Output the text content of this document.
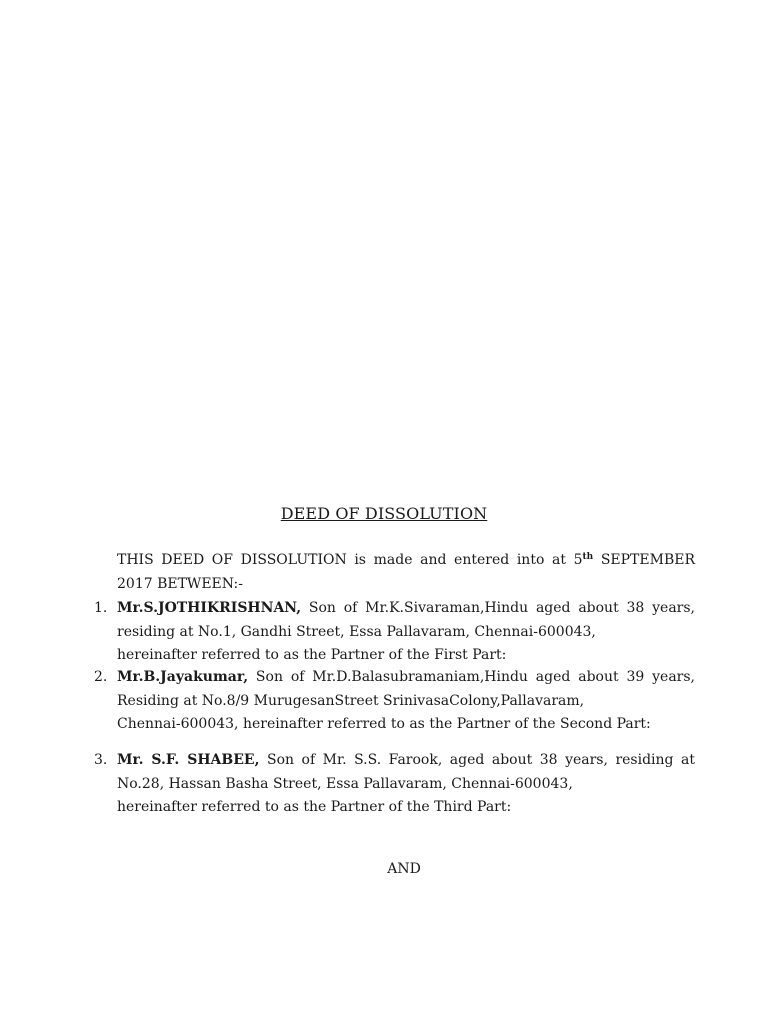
DEED OF DISSOLUTION
THIS DEED OF DISSOLUTION is made and entered into at 5th SEPTEMBER 2017 BETWEEN:-
1. Mr.S.JOTHIKRISHNAN, Son of Mr.K.Sivaraman,Hindu aged about 38 years, residing at No.1, Gandhi Street, Essa Pallavaram, Chennai-600043,
hereinafter referred to as the Partner of the First Part:
2. Mr.B.Jayakumar, Son of Mr.D.Balasubramaniam,Hindu aged about 39 years, Residing at No.8/9 MurugesanStreet SrinivasaColony,Pallavaram,
Chennai-600043, hereinafter referred to as the Partner of the Second Part:
3. Mr. S.F. SHABEE, Son of Mr. S.S. Farook, aged about 38 years, residing at No.28, Hassan Basha Street, Essa Pallavaram, Chennai-600043,
hereinafter referred to as the Partner of the Third Part:
AND
